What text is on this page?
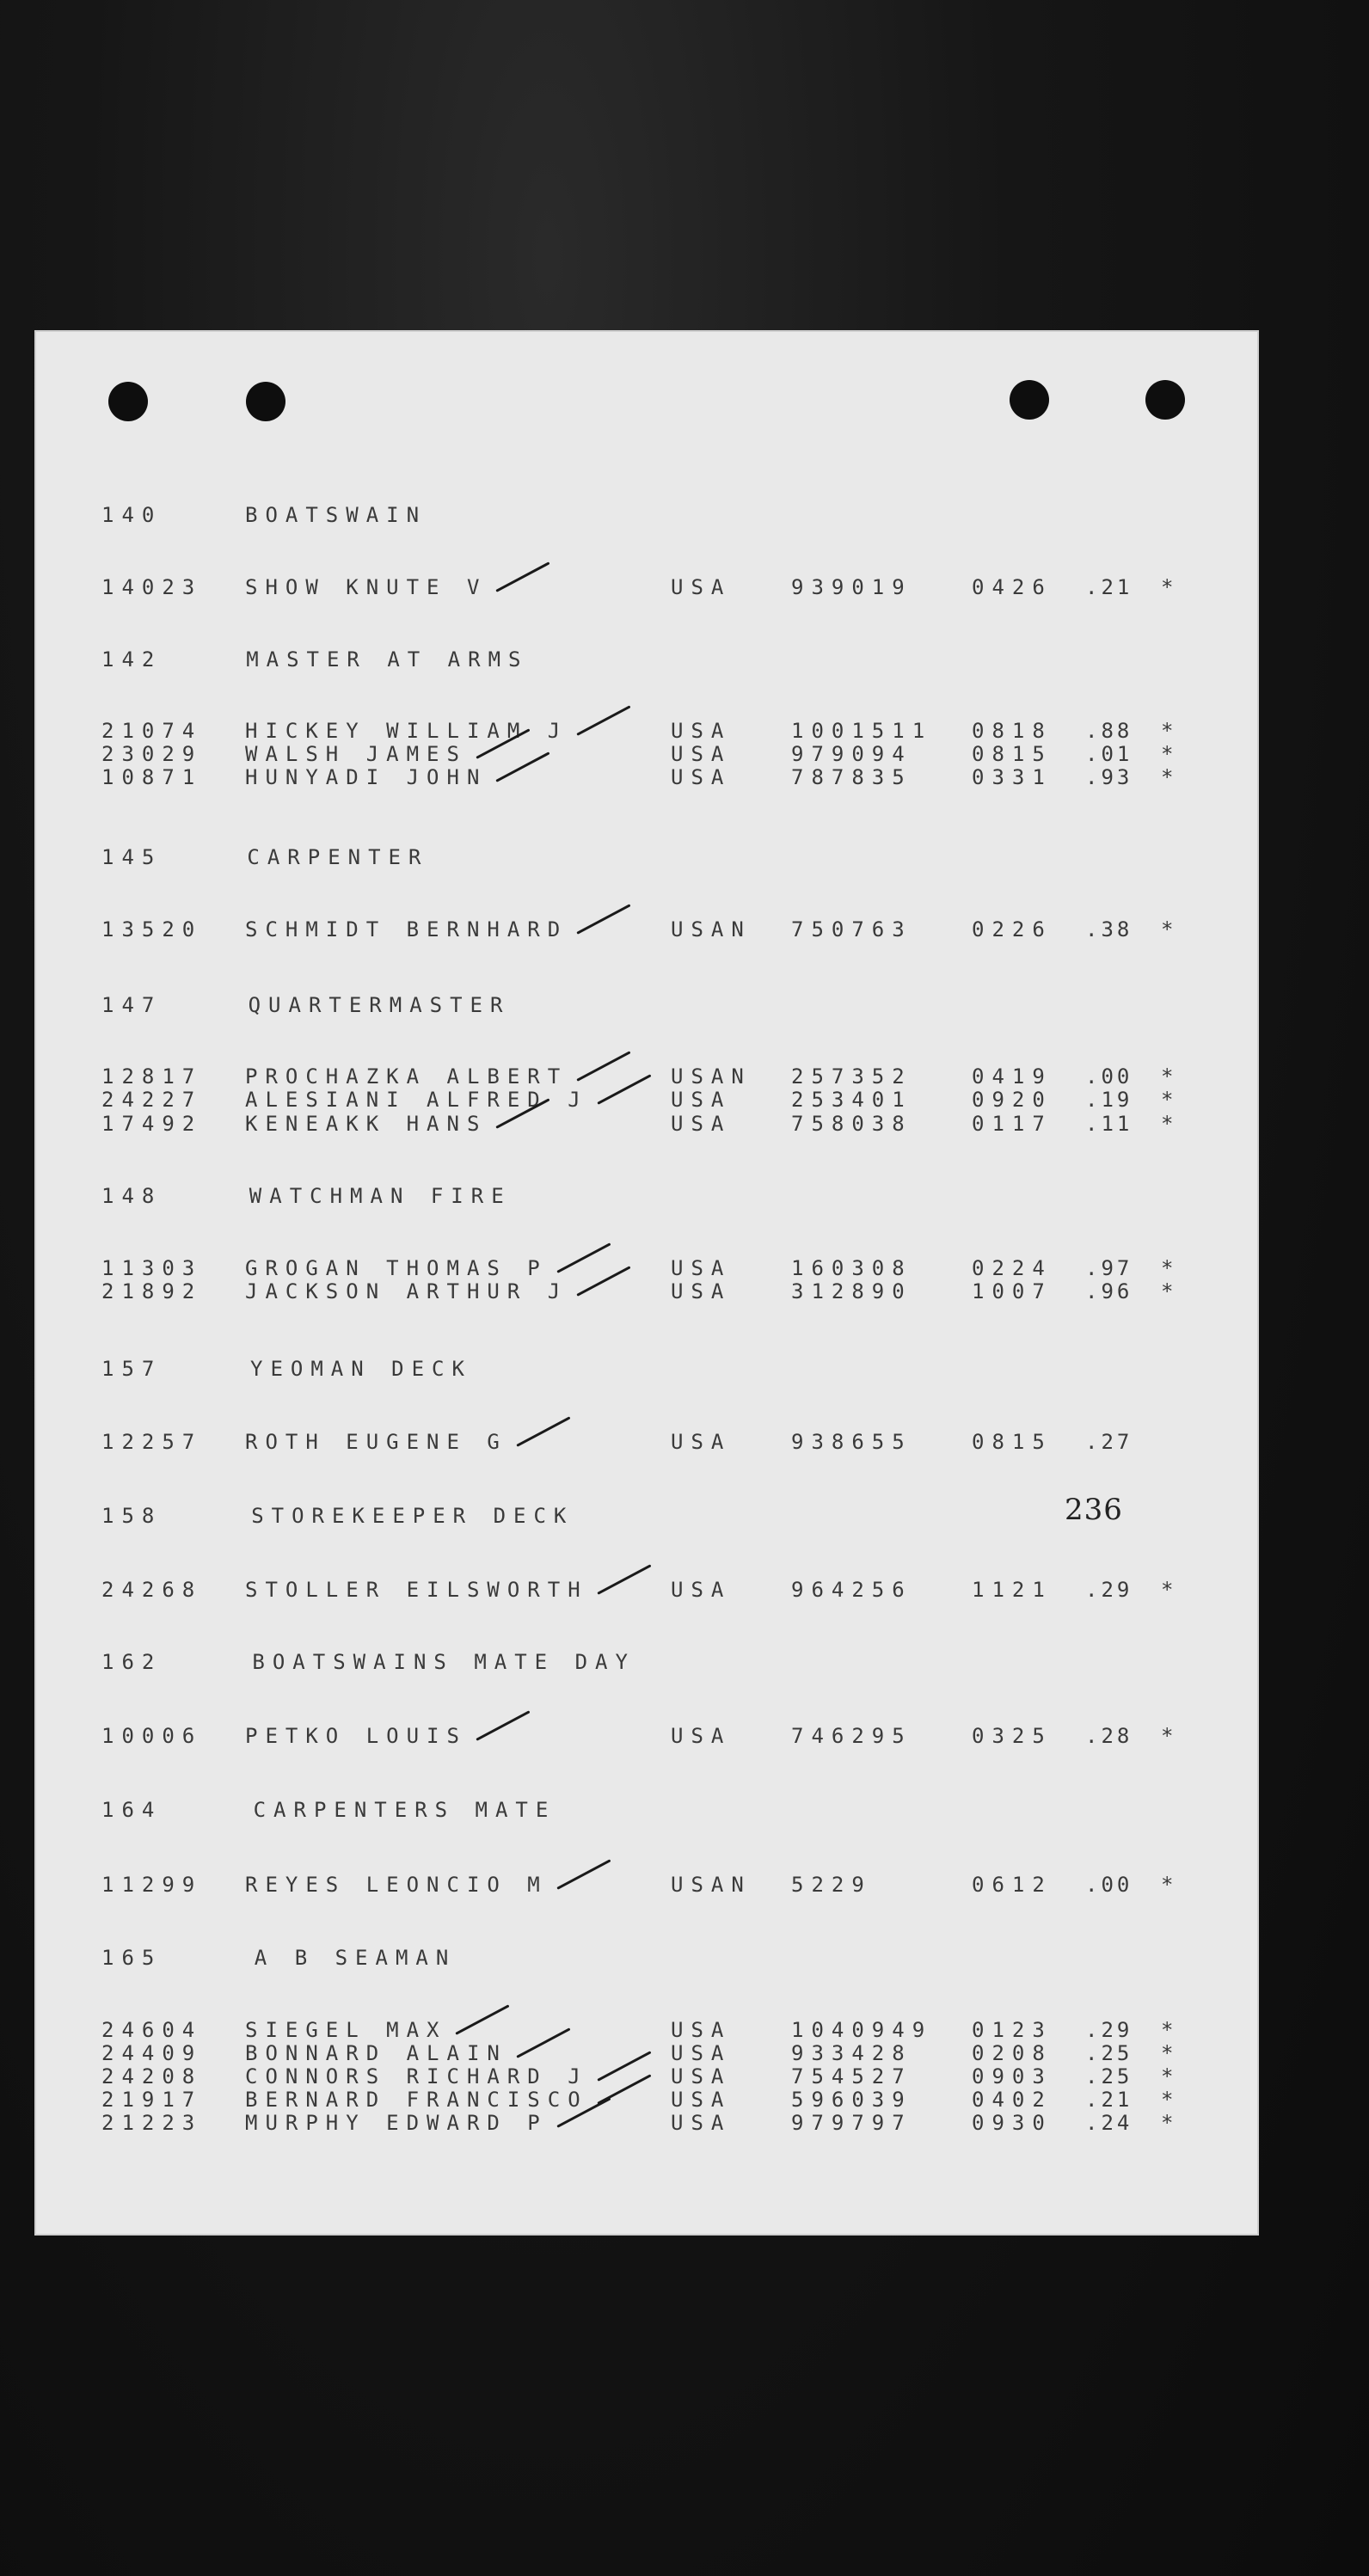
140	BOATSWAIN
14023 SHOW KNUTE V	USA	939019	0426 .21 *
142	MASTER AT ARMS
21074 HICKEY WILLIAM J	USA	1001511 0818 .88 *
23029 WALSH JAMES	USA	979094	0815 .01 *
10871 HUNYADI JOHN	USA	787835	0331 .93 *
145	CARPENTER
13520 SCHMIDT BERNHARD	USAN 750763	0226 .38 *
147	QUARTERMASTER
12817 PROCHAZKA ALBERT	USAN 257352	0419 .00 *
24227 ALESIANI ALFRED J	USA	253401	0920 .19 *
17492 KENEAKK HANS	USA	758038	0117 .11 *
148	WATCHMAN FIRE
11303 GROGAN THOMAS P	USA	160308	0224 .97 *
21892 JACKSON ARTHUR J	USA	312890	1007 .96 *
157	YEOMAN DECK
12257 ROTH EUGENE G	USA	938655	0815 .27
158	STOREKEEPER DECK
24268 STOLLER EILSWORTH	USA	964256	1121 .29 *
162	BOATSWAINS MATE DAY
10006 PETKO LOUIS	USA	746295	0325 .28 *
164	CARPENTERS MATE
11299 REYES LEONCIO M	USAN 5229	0612 .00 *
165	A B SEAMAN
24604 SIEGEL MAX	USA	1040949 0123 .29 *
24409 BONNARD ALAIN	USA	933428	0208 .25 *
24208 CONNORS RICHARD J	USA	754527	0903 .25 *
21917 BERNARD FRANCISCO	USA	596039	0402 .21 *
21223 MURPHY EDWARD P	USA	979797	0930 .24 *
236
